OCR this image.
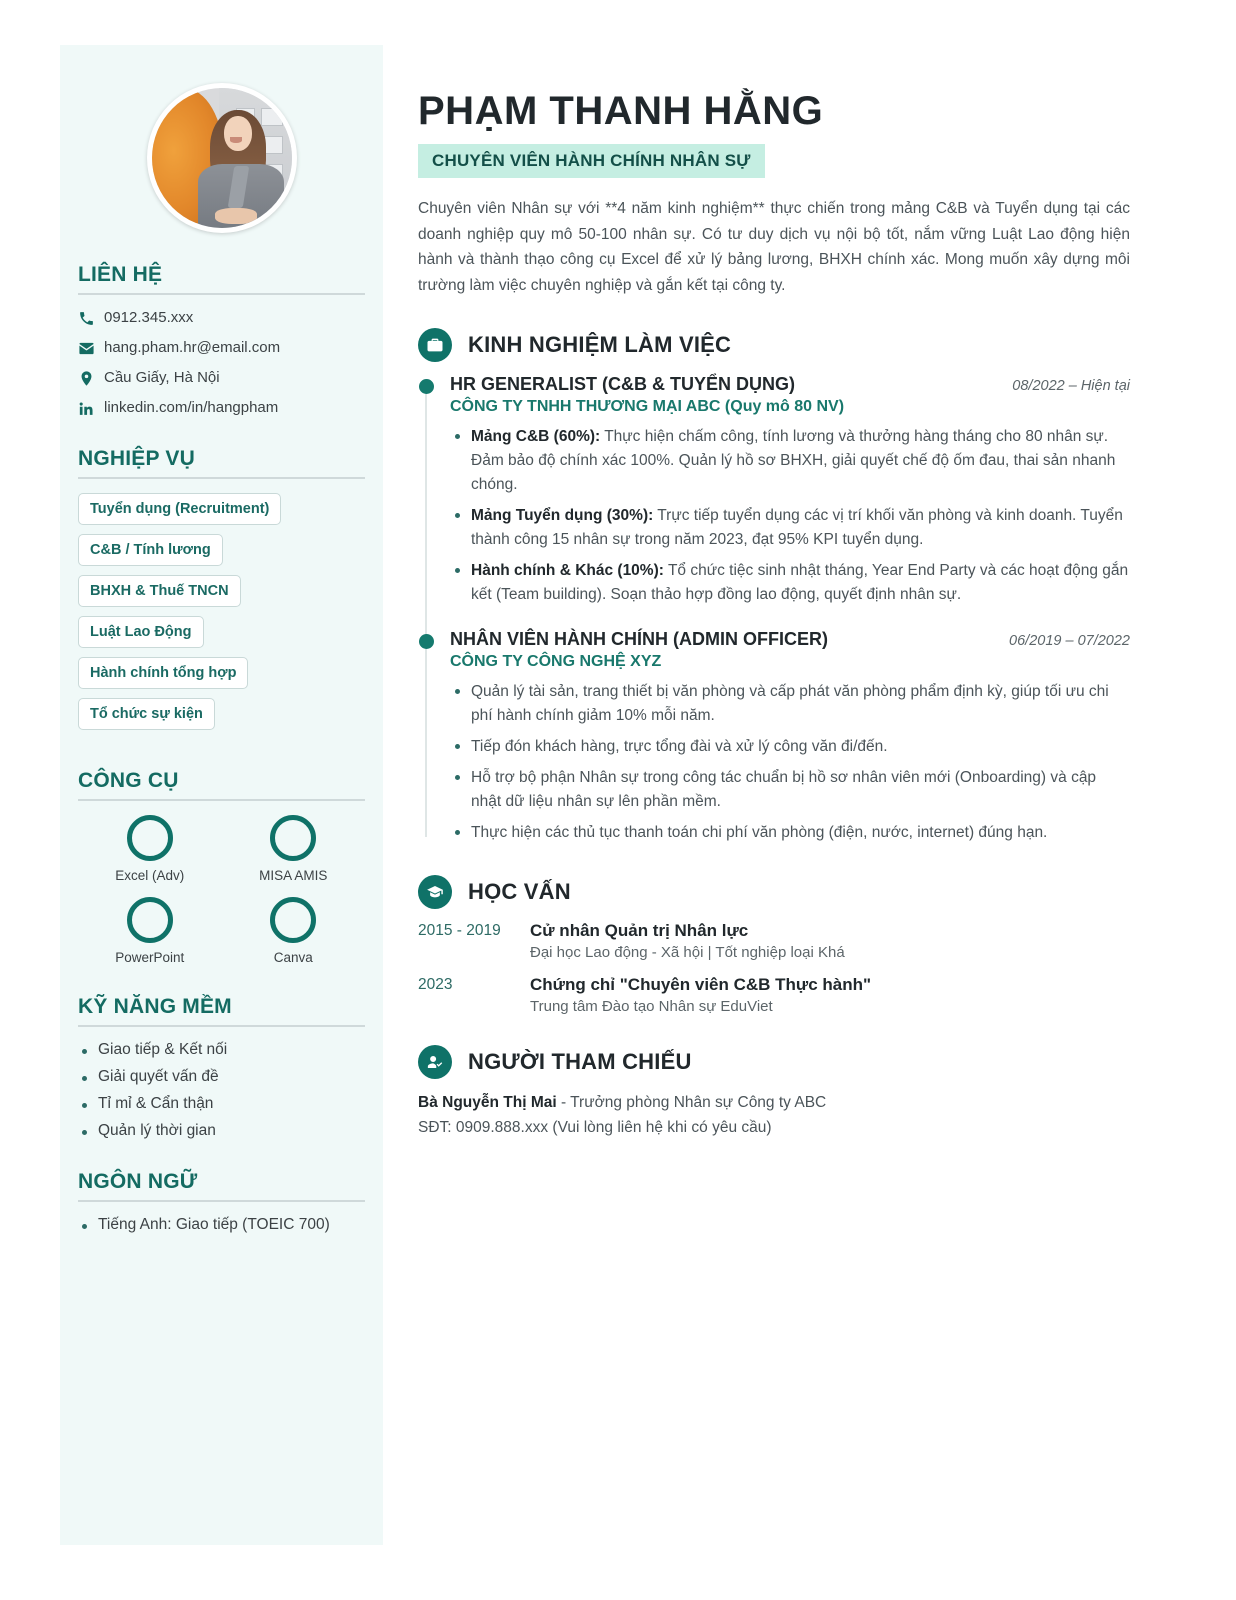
LIÊN HỆ
0912.345.xxx
hang.pham.hr@email.com
Cầu Giấy, Hà Nội
linkedin.com/in/hangpham
NGHIỆP VỤ
Tuyển dụng (Recruitment)
C&B / Tính lương
BHXH & Thuế TNCN
Luật Lao Động
Hành chính tổng hợp
Tổ chức sự kiện
CÔNG CỤ
Excel (Adv)	MISA AMIS
PowerPoint	Canva
KỸ NĂNG MỀM
Giao tiếp & Kết nối
Giải quyết vấn đề
Tỉ mỉ & Cẩn thận
Quản lý thời gian
NGÔN NGỮ
Tiếng Anh: Giao tiếp (TOEIC 700)
PHẠM THANH HẰNG
CHUYÊN VIÊN HÀNH CHÍNH NHÂN SỰ

Chuyên viên Nhân sự với **4 năm kinh nghiệm** thực chiến trong mảng C&B và Tuyển dụng tại các doanh nghiệp quy mô 50-100 nhân sự. Có tư duy dịch vụ nội bộ tốt, nắm vững Luật Lao động hiện hành và thành thạo công cụ Excel để xử lý bảng lương, BHXH chính xác. Mong muốn xây dựng môi trường làm việc chuyên nghiệp và gắn kết tại công ty.

KINH NGHIỆM LÀM VIỆC
HR GENERALIST (C&B & TUYỂN DỤNG)	08/2022 – Hiện tại
CÔNG TY TNHH THƯƠNG MẠI ABC (Quy mô 80 NV)
Mảng C&B (60%): Thực hiện chấm công, tính lương và thưởng hàng tháng cho 80 nhân sự. Đảm bảo độ chính xác 100%. Quản lý hồ sơ BHXH, giải quyết chế độ ốm đau, thai sản nhanh chóng.
Mảng Tuyển dụng (30%): Trực tiếp tuyển dụng các vị trí khối văn phòng và kinh doanh. Tuyển thành công 15 nhân sự trong năm 2023, đạt 95% KPI tuyển dụng.
Hành chính & Khác (10%): Tổ chức tiệc sinh nhật tháng, Year End Party và các hoạt động gắn kết (Team building). Soạn thảo hợp đồng lao động, quyết định nhân sự.
NHÂN VIÊN HÀNH CHÍNH (ADMIN OFFICER)	06/2019 – 07/2022
CÔNG TY CÔNG NGHỆ XYZ
Quản lý tài sản, trang thiết bị văn phòng và cấp phát văn phòng phẩm định kỳ, giúp tối ưu chi phí hành chính giảm 10% mỗi năm.
Tiếp đón khách hàng, trực tổng đài và xử lý công văn đi/đến.
Hỗ trợ bộ phận Nhân sự trong công tác chuẩn bị hồ sơ nhân viên mới (Onboarding) và cập nhật dữ liệu nhân sự lên phần mềm.
Thực hiện các thủ tục thanh toán chi phí văn phòng (điện, nước, internet) đúng hạn.
HỌC VẤN
2015 - 2019	Cử nhân Quản trị Nhân lực
Đại học Lao động - Xã hội | Tốt nghiệp loại Khá
2023	Chứng chỉ "Chuyên viên C&B Thực hành"
Trung tâm Đào tạo Nhân sự EduViet
NGƯỜI THAM CHIẾU
Bà Nguyễn Thị Mai - Trưởng phòng Nhân sự Công ty ABC
SĐT: 0909.888.xxx (Vui lòng liên hệ khi có yêu cầu)
